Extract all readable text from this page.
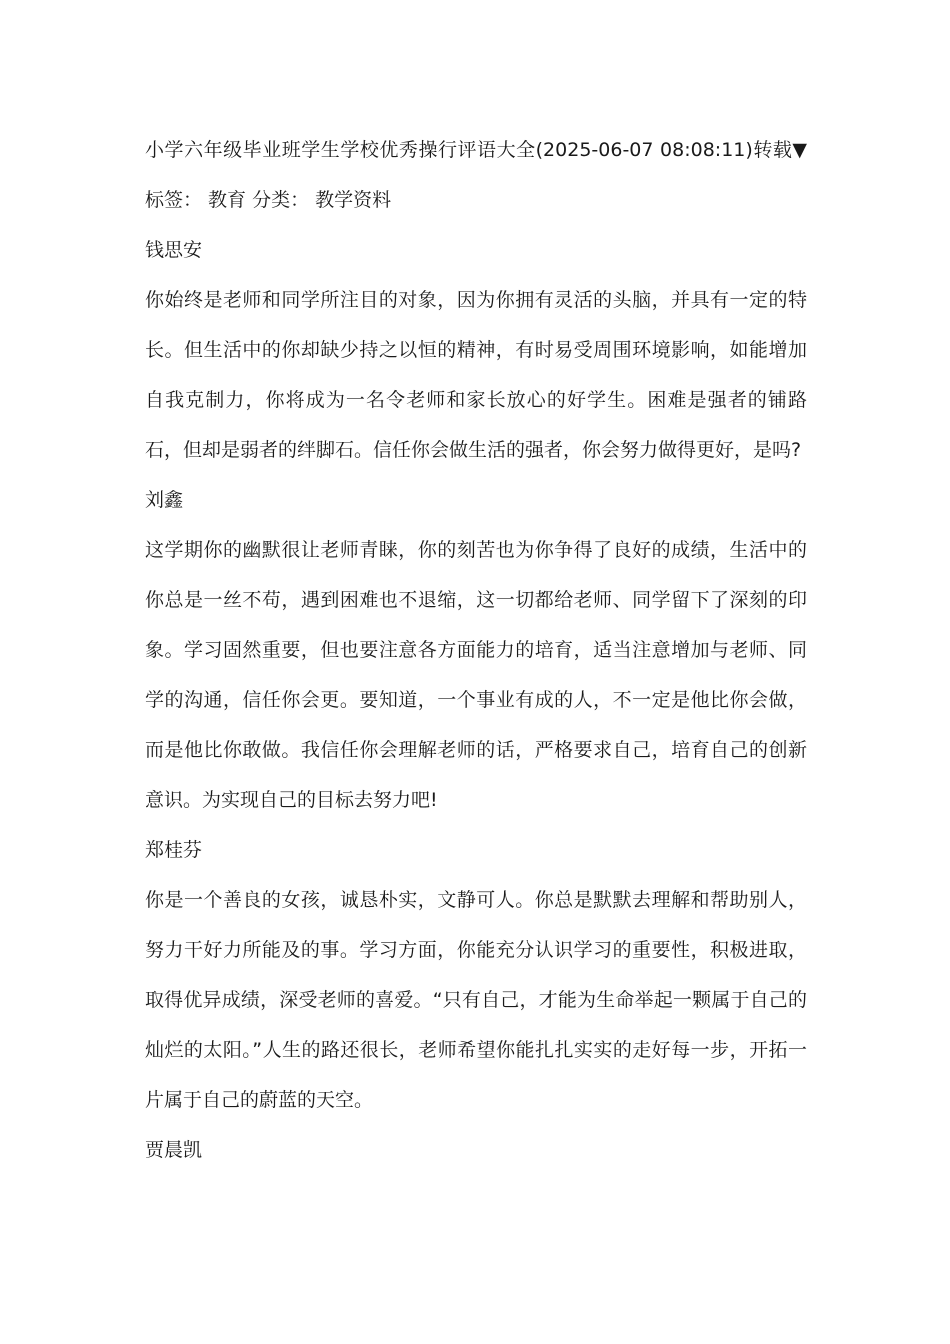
小学六年级毕业班学生学校优秀操行评语大全(2025-06-07 08:08:11)转载▼标签： 教育 分类： 教学资料

钱思安

你始终是老师和同学所注目的对象，因为你拥有灵活的头脑，并具有一定的特长。但生活中的你却缺少持之以恒的精神，有时易受周围环境影响，如能增加自我克制力，你将成为一名令老师和家长放心的好学生。困难是强者的铺路石，但却是弱者的绊脚石。信任你会做生活的强者，你会努力做得更好，是吗?

刘鑫

这学期你的幽默很让老师青睐，你的刻苦也为你争得了良好的成绩，生活中的你总是一丝不苟，遇到困难也不退缩，这一切都给老师、同学留下了深刻的印象。学习固然重要，但也要注意各方面能力的培育，适当注意增加与老师、同学的沟通，信任你会更。要知道，一个事业有成的人，不一定是他比你会做，而是他比你敢做。我信任你会理解老师的话，严格要求自己，培育自己的创新意识。为实现自己的目标去努力吧!

郑桂芬

你是一个善良的女孩，诚恳朴实，文静可人。你总是默默去理解和帮助别人，努力干好力所能及的事。学习方面，你能充分认识学习的重要性，积极进取，取得优异成绩，深受老师的喜爱。“只有自己，才能为生命举起一颗属于自己的灿烂的太阳。”人生的路还很长，老师希望你能扎扎实实的走好每一步，开拓一片属于自己的蔚蓝的天空。

贾晨凯
